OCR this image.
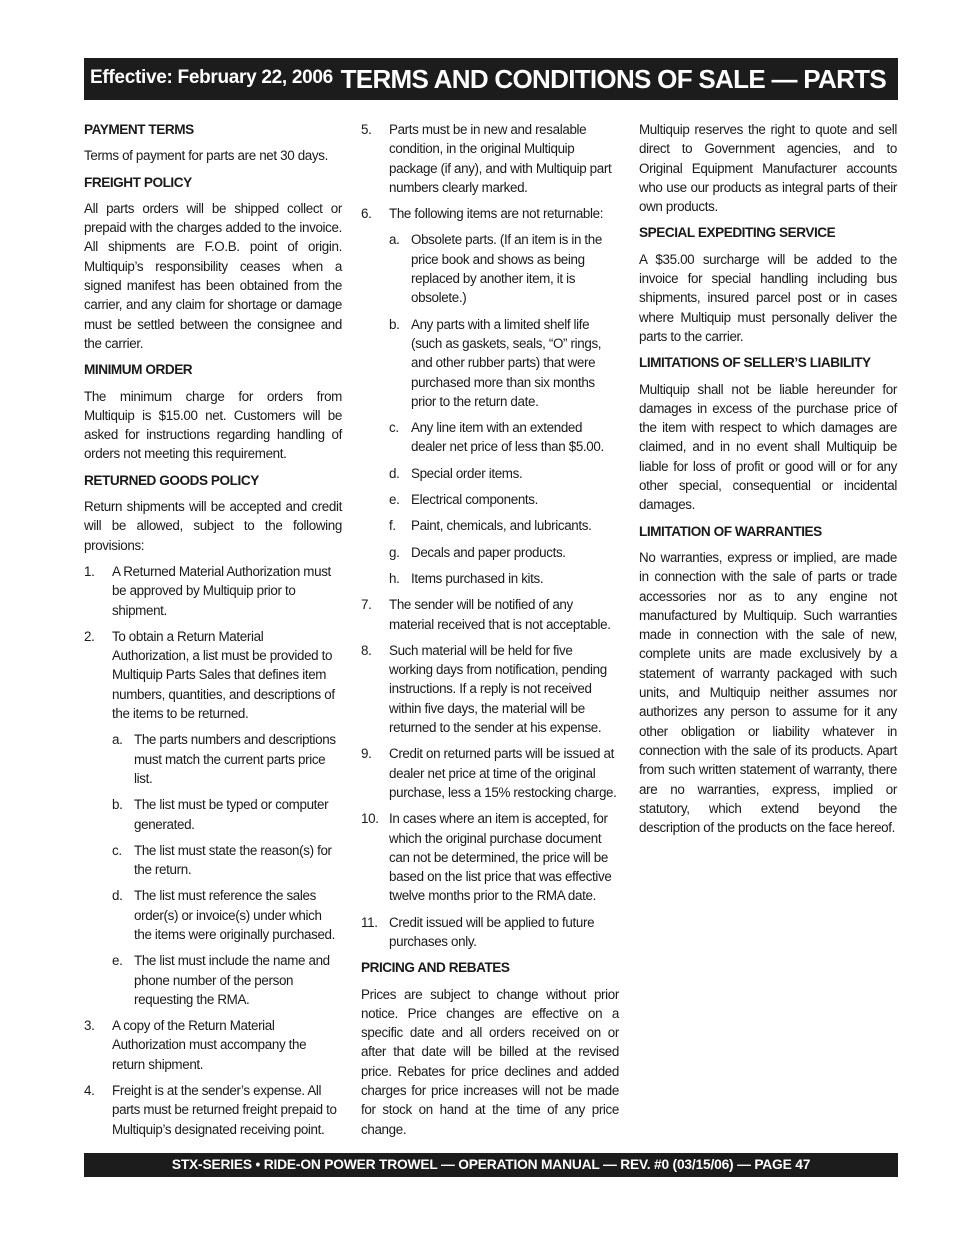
Effective: February 22, 2006 TERMS AND CONDITIONS OF SALE — PARTS
PAYMENT TERMS
Terms of payment for parts are net 30 days.
FREIGHT POLICY
All parts orders will be shipped collect or prepaid with the charges added to the invoice. All shipments are F.O.B. point of origin. Multiquip’s responsibility ceases when a signed manifest has been obtained from the carrier, and any claim for shortage or damage must be settled between the consignee and the carrier.
MINIMUM ORDER
The minimum charge for orders from Multiquip is $15.00 net. Customers will be asked for instructions regarding handling of orders not meeting this requirement.
RETURNED GOODS POLICY
Return shipments will be accepted and credit will be allowed, subject to the following provisions:
1. A Returned Material Authorization must be approved by Multiquip prior to shipment.
2. To obtain a Return Material Authorization, a list must be provided to Multiquip Parts Sales that defines item numbers, quantities, and descriptions of the items to be returned.
a. The parts numbers and descriptions must match the current parts price list.
b. The list must be typed or computer generated.
c. The list must state the reason(s) for the return.
d. The list must reference the sales order(s) or invoice(s) under which the items were originally purchased.
e. The list must include the name and phone number of the person requesting the RMA.
3. A copy of the Return Material Authorization must accompany the return shipment.
4. Freight is at the sender’s expense. All parts must be returned freight prepaid to Multiquip’s designated receiving point.
5. Parts must be in new and resalable condition, in the original Multiquip package (if any), and with Multiquip part numbers clearly marked.
6. The following items are not returnable:
a. Obsolete parts. (If an item is in the price book and shows as being replaced by another item, it is obsolete.)
b. Any parts with a limited shelf life (such as gaskets, seals, “O” rings, and other rubber parts) that were purchased more than six months prior to the return date.
c. Any line item with an extended dealer net price of less than $5.00.
d. Special order items.
e. Electrical components.
f. Paint, chemicals, and lubricants.
g. Decals and paper products.
h. Items purchased in kits.
7. The sender will be notified of any material received that is not acceptable.
8. Such material will be held for five working days from notification, pending instructions. If a reply is not received within five days, the material will be returned to the sender at his expense.
9. Credit on returned parts will be issued at dealer net price at time of the original purchase, less a 15% restocking charge.
10. In cases where an item is accepted, for which the original purchase document can not be determined, the price will be based on the list price that was effective twelve months prior to the RMA date.
11. Credit issued will be applied to future purchases only.
PRICING AND REBATES
Prices are subject to change without prior notice. Price changes are effective on a specific date and all orders received on or after that date will be billed at the revised price. Rebates for price declines and added charges for price increases will not be made for stock on hand at the time of any price change.
Multiquip reserves the right to quote and sell direct to Government agencies, and to Original Equipment Manufacturer accounts who use our products as integral parts of their own products.
SPECIAL EXPEDITING SERVICE
A $35.00 surcharge will be added to the invoice for special handling including bus shipments, insured parcel post or in cases where Multiquip must personally deliver the parts to the carrier.
LIMITATIONS OF SELLER’S LIABILITY
Multiquip shall not be liable hereunder for damages in excess of the purchase price of the item with respect to which damages are claimed, and in no event shall Multiquip be liable for loss of profit or good will or for any other special, consequential or incidental damages.
LIMITATION OF WARRANTIES
No warranties, express or implied, are made in connection with the sale of parts or trade accessories nor as to any engine not manufactured by Multiquip. Such warranties made in connection with the sale of new, complete units are made exclusively by a statement of warranty packaged with such units, and Multiquip neither assumes nor authorizes any person to assume for it any other obligation or liability whatever in connection with the sale of its products. Apart from such written statement of warranty, there are no warranties, express, implied or statutory, which extend beyond the description of the products on the face hereof.
STX-SERIES • RIDE-ON POWER TROWEL — OPERATION MANUAL — REV. #0 (03/15/06) — PAGE 47
